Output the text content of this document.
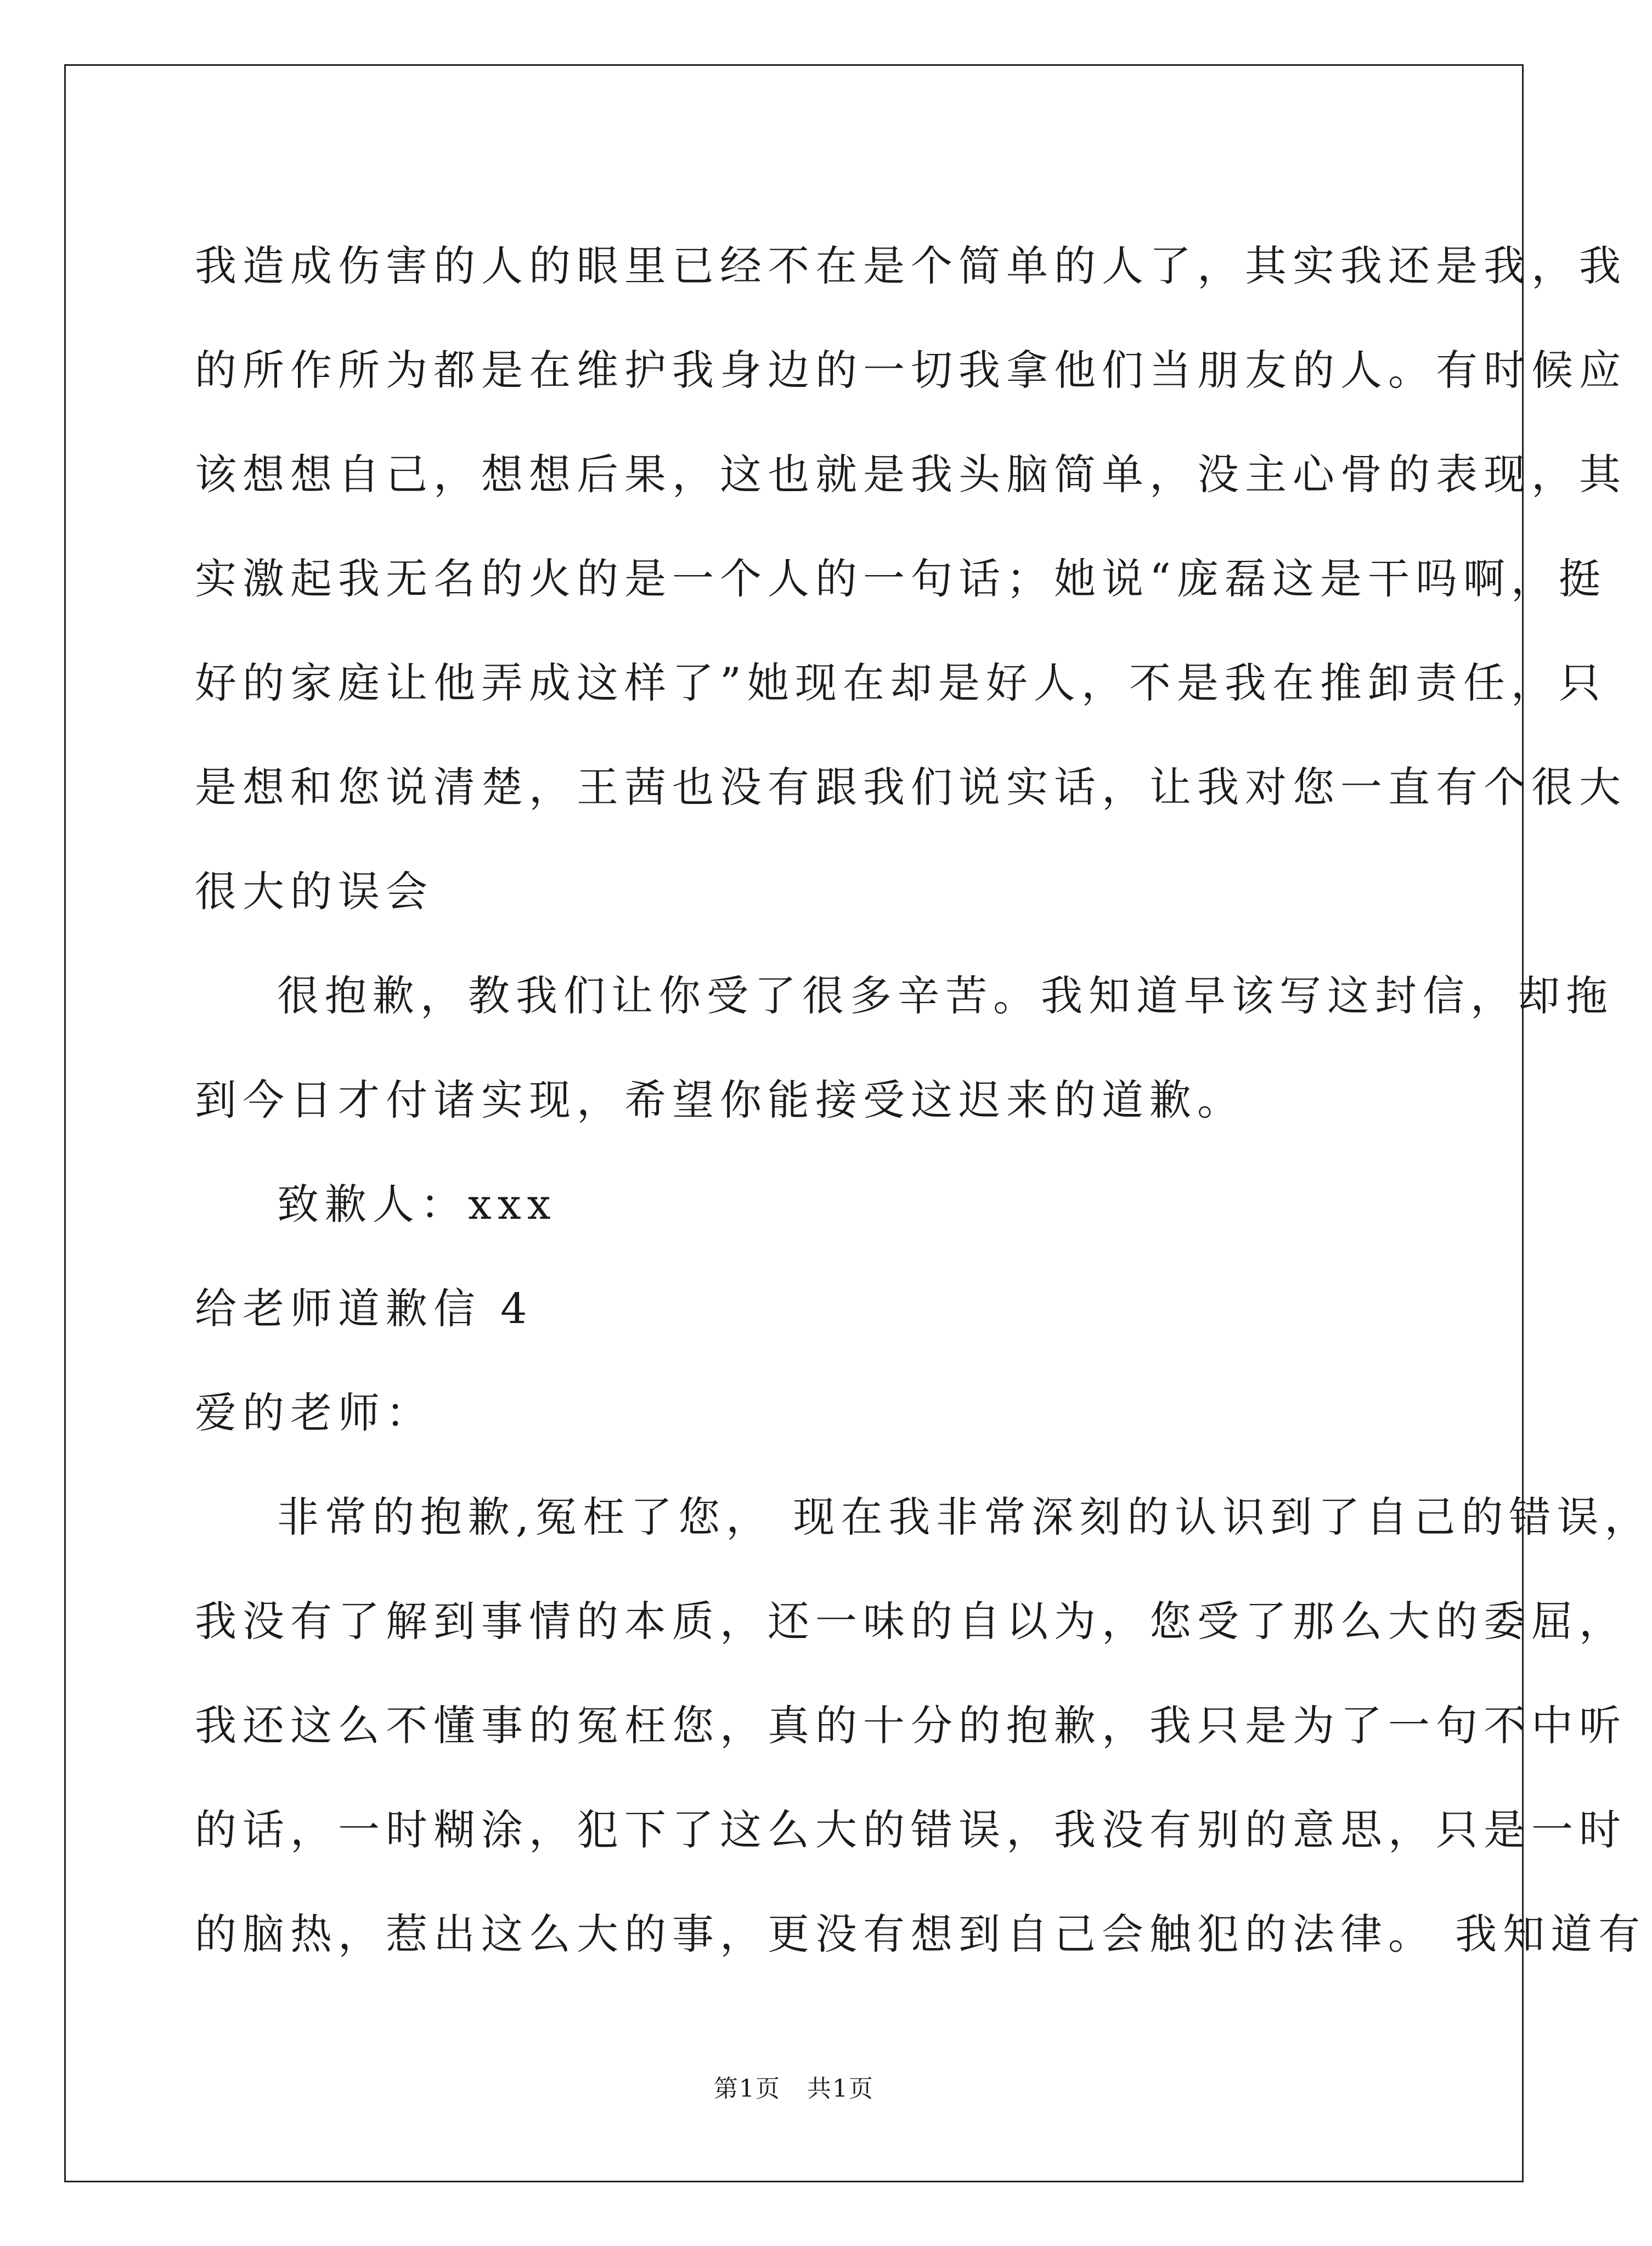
我造成伤害的人的眼里已经不在是个简单的人了，其实我还是我，我

的所作所为都是在维护我身边的一切我拿他们当朋友的人。有时候应

该想想自己，想想后果，这也就是我头脑简单，没主心骨的表现，其

实激起我无名的火的是一个人的一句话；她说“庞磊这是干吗啊，挺

好的家庭让他弄成这样了”她现在却是好人，不是我在推卸责任，只

是想和您说清楚，王茜也没有跟我们说实话，让我对您一直有个很大

很大的误会

很抱歉，教我们让你受了很多辛苦。我知道早该写这封信，却拖

到今日才付诸实现，希望你能接受这迟来的道歉。

致歉人：xxx

给老师道歉信 4

爱的老师：

非常的抱歉,冤枉了您， 现在我非常深刻的认识到了自己的错误，

我没有了解到事情的本质，还一味的自以为，您受了那么大的委屈，

我还这么不懂事的冤枉您，真的十分的抱歉，我只是为了一句不中听

的话，一时糊涂，犯下了这么大的错误，我没有别的意思，只是一时

的脑热，惹出这么大的事，更没有想到自己会触犯的法律。 我知道有

第1页   共1页
